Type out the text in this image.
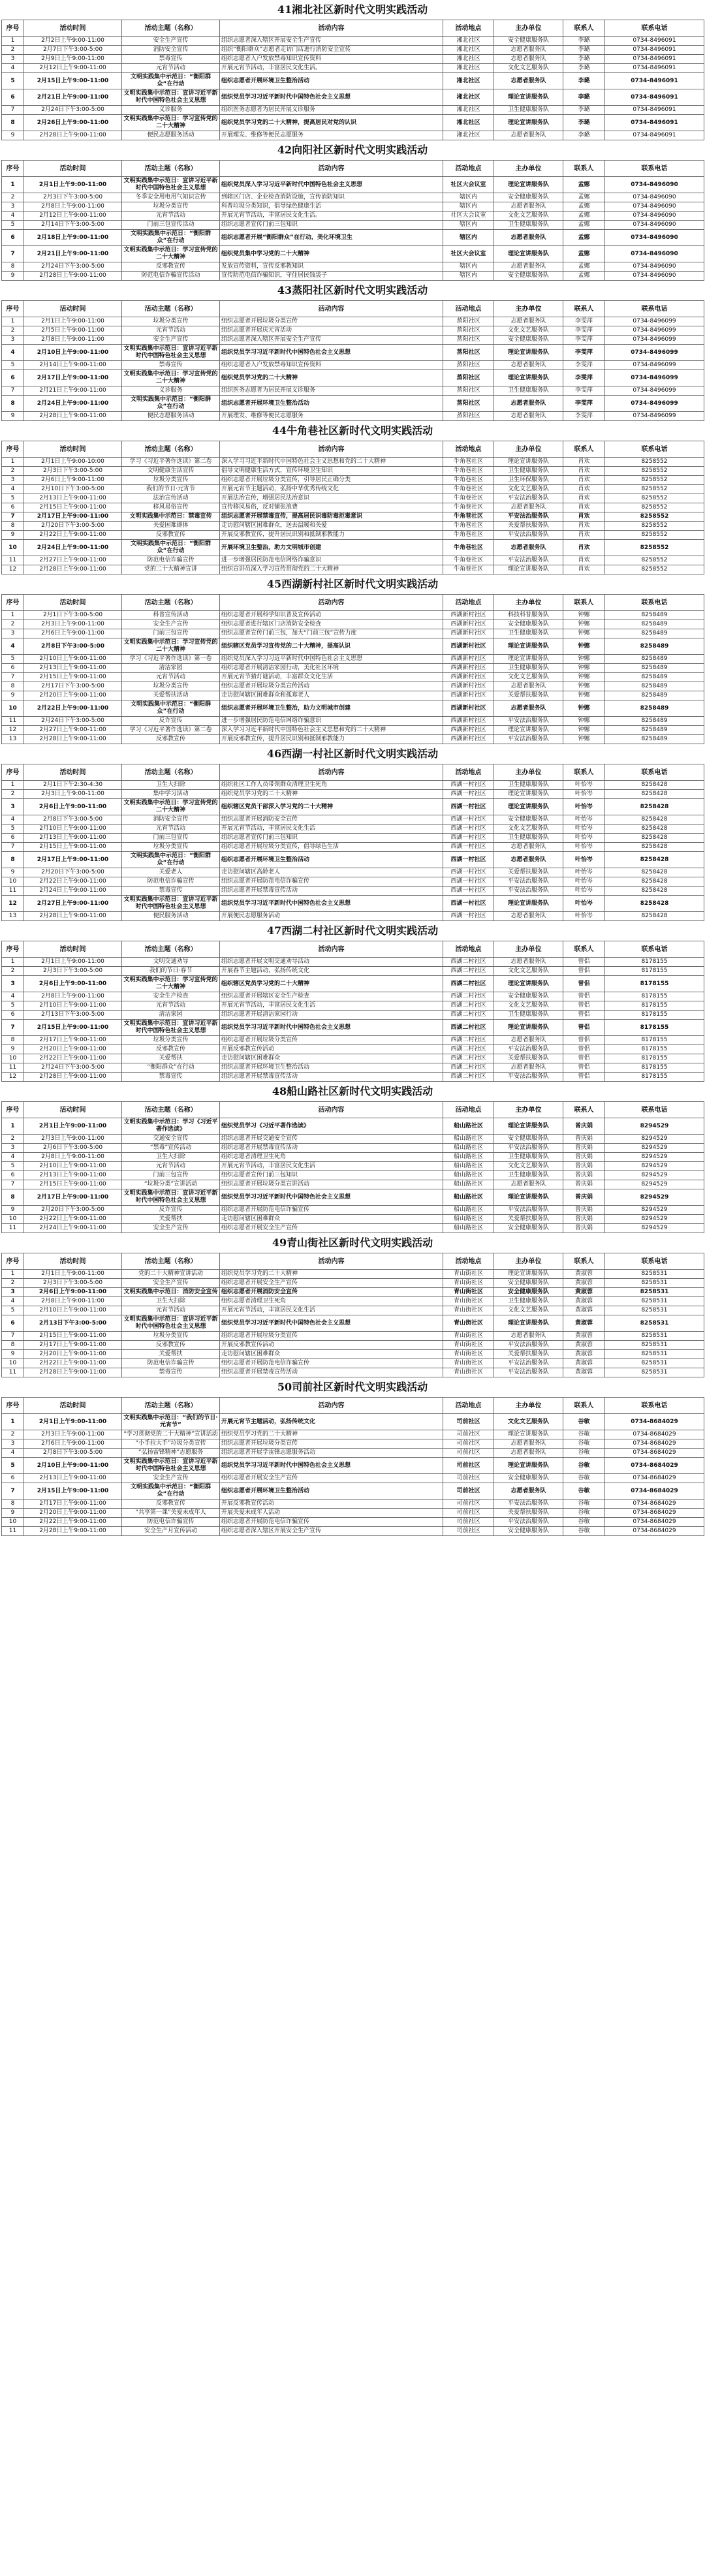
41湘北社区新时代文明实践活动
序号	活动时间	活动主题（名称）	活动内容	活动地点	主办单位	联系人	联系电话
1	2月2日上午9:00-11:00	安全生产宣传	组织志愿者深入辖区开展安全生产宣传	湘北社区	安全健康服务队	李璐	0734-8496091
2	2月7日下午3:00-5:00	消防安全宣传	组织“衡阳群众”志愿者走访门店进行消防安全宣传	湘北社区	志愿者服务队	李璐	0734-8496091
3	2月9日上午9:00-11:00	禁毒宣传	组织志愿者入户发放禁毒知识宣传资料	湘北社区	志愿者服务队	李璐	0734-8496091
4	2月12日上午9:00-11:00	元宵节活动	开展元宵节活动，丰富居民文化生活。	湘北社区	文化文艺服务队	李璐	0734-8496091
5	2月15日上午9:00-11:00	文明实践集中示范日：“衡阳群众”在行动	组织志愿者开展环境卫生整治活动	湘北社区	志愿者服务队	李璐	0734-8496091
6	2月21日上午9:00-11:00	文明实践集中示范日：宣讲习近平新时代中国特色社会主义思想	组织党员学习习近平新时代中国特色社会主义思想	湘北社区	理论宣讲服务队	李璐	0734-8496091
7	2月24日下午3:00-5:00	义诊服务	组织医务志愿者为居民开展义诊服务	湘北社区	卫生健康服务队	李璐	0734-8496091
8	2月26日上午9:00-11:00	文明实践集中示范日：学习宣传党的二十大精神	组织党员学习党的二十大精神，提高居民对党的认识	湘北社区	理论宣讲服务队	李璐	0734-8496091
9	2月28日上午9:00-11:00	便民志愿服务活动	开展理发、维修等便民志愿服务	湘北社区	志愿者服务队	李璐	0734-8496091
42向阳社区新时代文明实践活动
序号	活动时间	活动主题（名称）	活动内容	活动地点	主办单位	联系人	联系电话
1	2月1日上午9:00-11:00	文明实践集中示范日：宣讲习近平新时代中国特色社会主义思想	组织党员深入学习习近平新时代中国特色社会主义思想	社区大会议室	理论宣讲服务队	孟娜	0734-8496090
2	2月3日下午3:00-5:00	冬季安全用电用气知识宣传	到辖区门店、企业检查消防设施，宣传消防知识	辖区内	安全健康服务队	孟娜	0734-8496090
3	2月8日上午9:00-11:00	垃圾分类宣传	科普垃圾分类知识，倡导绿色健康生活	辖区内	志愿者服务队	孟娜	0734-8496090
4	2月12日上午9:00-11:00	元宵节活动	开展元宵节活动，丰富居民文化生活。	社区大会议室	文化文艺服务队	孟娜	0734-8496090
5	2月14日下午3:00-5:00	门前三包宣传活动	组织志愿者宣传门前三包知识	辖区内	卫生健康服务队	孟娜	0734-8496090
6	2月18日上午9:00-11:00	文明实践集中示范日：“衡阳群众”在行动	组织志愿者开展“衡阳群众”在行动，美化环境卫生	辖区内	志愿者服务队	孟娜	0734-8496090
7	2月21日上午9:00-11:00	文明实践集中示范日：学习宣传党的二十大精神	组织党员集中学习党的二十大精神	社区大会议室	理论宣讲服务队	孟娜	0734-8496090
8	2月24日下午3:00-5:00	反邪教宣传	发放宣传资料，宣传反邪教知识	辖区内	志愿者服务队	孟娜	0734-8496090
9	2月28日上午9:00-11:00	防范电信诈骗宣传活动	宣传防范电信诈骗知识，守住居民钱袋子	辖区内	安全健康服务队	孟娜	0734-8496090
43蒸阳社区新时代文明实践活动
序号	活动时间	活动主题（名称）	活动内容	活动地点	主办单位	联系人	联系电话
1	2月1日上午9:00-11:00	垃圾分类宣传	组织志愿者开展垃圾分类宣传	蒸阳社区	志愿者服务队	李雯萍	0734-8496099
2	2月5日上午9:00-11:00	元宵节活动	组织志愿者开展庆元宵活动	蒸阳社区	文化文艺服务队	李雯萍	0734-8496099
3	2月8日上午9:00-11:00	安全生产宣传	组织志愿者深入辖区开展安全生产宣传	蒸阳社区	安全健康服务队	李雯萍	0734-8496099
4	2月10日上午9:00-11:00	文明实践集中示范日：宣讲习近平新时代中国特色社会主义思想	组织党员学习习近平新时代中国特色社会主义思想	蒸阳社区	理论宣讲服务队	李雯萍	0734-8496099
5	2月14日上午9:00-11:00	禁毒宣传	组织志愿者入户发放禁毒知识宣传资料	蒸阳社区	志愿者服务队	李雯萍	0734-8496099
6	2月17日上午9:00-11:00	文明实践集中示范日：学习宣传党的二十大精神	组织党员学习党的二十大精神	蒸阳社区	理论宣讲服务队	李雯萍	0734-8496099
7	2月21日上午9:00-11:00	义诊服务	组织医务志愿者为居民开展义诊服务	蒸阳社区	卫生健康服务队	李雯萍	0734-8496099
8	2月24日上午9:00-11:00	文明实践集中示范日：“衡阳群众”在行动	组织志愿者开展环境卫生整治活动	蒸阳社区	志愿者服务队	李雯萍	0734-8496099
9	2月28日上午9:00-11:00	便民志愿服务活动	开展理发、维修等便民志愿服务	蒸阳社区	志愿者服务队	李雯萍	0734-8496099
44牛角巷社区新时代文明实践活动
序号	活动时间	活动主题（名称）	活动内容	活动地点	主办单位	联系人	联系电话
1	2月1日上午9:00-10:00	学习《习近平著作选读》第二卷	深入学习习近平新时代中国特色社会主义思想和党的二十大精神	牛角巷社区	理论宣讲服务队	肖欢	8258552
2	2月3日下午3:00-5:00	文明健康生活宣传	倡导文明健康生活方式，宣传环境卫生知识	牛角巷社区	卫生健康服务队	肖欢	8258552
3	2月6日上午9:00-11:00	垃圾分类宣传	组织志愿者开展垃圾分类宣传，引导居民正确分类	牛角巷社区	卫生环保服务队	肖欢	8258552
4	2月10日下午3:00-5:00	我们的节日·元宵节	开展元宵节主题活动，弘扬中华优秀传统文化	牛角巷社区	文化文艺服务队	肖欢	8258552
5	2月13日上午9:00-11:00	法治宣传活动	开展法治宣传，增强居民法治意识	牛角巷社区	平安法治服务队	肖欢	8258552
6	2月15日上午9:00-11:00	移风易俗宣传	宣传移风易俗，反对铺张浪费	牛角巷社区	志愿者服务队	肖欢	8258552
7	2月17日上午9:00-11:00	文明实践集中示范日：禁毒宣传	组织志愿者开展禁毒宣传，提高居民识毒防毒拒毒意识	牛角巷社区	平安法治服务队	肖欢	8258552
8	2月20日下午3:00-5:00	关爱困难群体	走访慰问辖区困难群众，送去温暖和关爱	牛角巷社区	关爱帮扶服务队	肖欢	8258552
9	2月22日上午9:00-11:00	反邪教宣传	开展反邪教宣传，提升居民识别和抵制邪教能力	牛角巷社区	平安法治服务队	肖欢	8258552
10	2月24日上午9:00-11:00	文明实践集中示范日：“衡阳群众”在行动	开展环境卫生整治，助力文明城市创建	牛角巷社区	志愿者服务队	肖欢	8258552
11	2月27日上午9:00-11:00	防范电信诈骗宣传	进一步增强居民防范电信网络诈骗意识	牛角巷社区	平安法治服务队	肖欢	8258552
12	2月28日上午9:00-11:00	党的二十大精神宣讲	组织宣讲员深入学习宣传贯彻党的二十大精神	牛角巷社区	理论宣讲服务队	肖欢	8258552
45西湖新村社区新时代文明实践活动
序号	活动时间	活动主题（名称）	活动内容	活动地点	主办单位	联系人	联系电话
1	2月1日下午3:00-5:00	科普宣传活动	组织志愿者开展科学知识普及宣传活动	西湖新村社区	科技科普服务队	钟娜	8258489
2	2月3日上午9:00-11:00	安全生产宣传	组织志愿者进行辖区门店消防安全检查	西湖新村社区	安全健康服务队	钟娜	8258489
3	2月6日上午9:00-11:00	门前三包宣传	组织志愿者宣传门前三包，加大“门前三包”宣传力度	西湖新村社区	卫生健康服务队	钟娜	8258489
4	2月8日下午3:00-5:00	文明实践集中示范日：学习宣传党的二十大精神	组织辖区党员学习宣传党的二十大精神，提高认识	西湖新村社区	理论宣讲服务队	钟娜	8258489
5	2月10日上午9:00-11:00	学习《习近平著作选读》第一卷	组织党员深入学习习近平新时代中国特色社会主义思想	西湖新村社区	理论宣讲服务队	钟娜	8258489
6	2月13日上午9:00-11:00	清洁家园	组织志愿者开展清洁家园行动，美化社区环境	西湖新村社区	卫生健康服务队	钟娜	8258489
7	2月15日上午9:00-11:00	元宵节活动	开展元宵节猜灯谜活动，丰富群众文化生活	西湖新村社区	文化文艺服务队	钟娜	8258489
8	2月17日下午3:00-5:00	垃圾分类宣传	组织志愿者开展垃圾分类宣传活动	西湖新村社区	志愿者服务队	钟娜	8258489
9	2月20日上午9:00-11:00	关爱帮扶活动	走访慰问辖区困难群众和孤寡老人	西湖新村社区	关爱帮扶服务队	钟娜	8258489
10	2月22日上午9:00-11:00	文明实践集中示范日：“衡阳群众”在行动	组织志愿者开展环境卫生整治，助力文明城市创建	西湖新村社区	志愿者服务队	钟娜	8258489
11	2月24日下午3:00-5:00	反诈宣传	进一步增强居民防范电信网络诈骗意识	西湖新村社区	平安法治服务队	钟娜	8258489
12	2月27日上午9:00-11:00	学习《习近平著作选读》第二卷	深入学习习近平新时代中国特色社会主义思想和党的二十大精神	西湖新村社区	理论宣讲服务队	钟娜	8258489
13	2月28日上午9:00-11:00	反邪教宣传	开展反邪教宣传，提升居民识别和抵制邪教能力	西湖新村社区	平安法治服务队	钟娜	8258489
46西湖一村社区新时代文明实践活动
序号	活动时间	活动主题（名称）	活动内容	活动地点	主办单位	联系人	联系电话
1	2月1日下午2:30-4:30	卫生大扫除	组织社区工作人员带领群众清理卫生死角	西湖一村社区	卫生健康服务队	叶怡岑	8258428
2	2月3日上午9:00-11:00	集中学习活动	组织党员学习党的二十大精神	西湖一村社区	理论宣讲服务队	叶怡岑	8258428
3	2月6日上午9:00-11:00	文明实践集中示范日：学习宣传党的二十大精神	组织辖区党员干部深入学习党的二十大精神	西湖一村社区	理论宣讲服务队	叶怡岑	8258428
4	2月8日下午3:00-5:00	消防安全宣传	组织志愿者开展消防安全宣传	西湖一村社区	安全健康服务队	叶怡岑	8258428
5	2月10日上午9:00-11:00	元宵节活动	开展元宵节活动，丰富居民文化生活	西湖一村社区	文化文艺服务队	叶怡岑	8258428
6	2月13日上午9:00-11:00	门前三包宣传	组织志愿者宣传门前三包知识	西湖一村社区	卫生健康服务队	叶怡岑	8258428
7	2月15日上午9:00-11:00	垃圾分类宣传	组织志愿者开展垃圾分类宣传，倡导绿色生活	西湖一村社区	志愿者服务队	叶怡岑	8258428
8	2月17日上午9:00-11:00	文明实践集中示范日：“衡阳群众”在行动	组织志愿者开展环境卫生整治活动	西湖一村社区	志愿者服务队	叶怡岑	8258428
9	2月20日下午3:00-5:00	关爱老人	走访慰问辖区高龄老人	西湖一村社区	关爱帮扶服务队	叶怡岑	8258428
10	2月22日上午9:00-11:00	防范电信诈骗宣传	组织志愿者开展防范电信诈骗宣传	西湖一村社区	平安法治服务队	叶怡岑	8258428
11	2月24日上午9:00-11:00	禁毒宣传	组织志愿者开展禁毒宣传活动	西湖一村社区	平安法治服务队	叶怡岑	8258428
12	2月27日上午9:00-11:00	文明实践集中示范日：宣讲习近平新时代中国特色社会主义思想	组织党员学习习近平新时代中国特色社会主义思想	西湖一村社区	理论宣讲服务队	叶怡岑	8258428
13	2月28日上午9:00-11:00	便民服务活动	开展便民志愿服务活动	西湖一村社区	志愿者服务队	叶怡岑	8258428
47西湖二村社区新时代文明实践活动
序号	活动时间	活动主题（名称）	活动内容	活动地点	主办单位	联系人	联系电话
1	2月1日上午9:00-11:00	文明交通劝导	组织志愿者开展文明交通劝导活动	西湖二村社区	志愿者服务队	曾侣	8178155
2	2月3日下午3:00-5:00	我们的节日·春节	开展春节主题活动，弘扬传统文化	西湖二村社区	文化文艺服务队	曾侣	8178155
3	2月6日上午9:00-11:00	文明实践集中示范日：学习宣传党的二十大精神	组织辖区党员学习党的二十大精神	西湖二村社区	理论宣讲服务队	曾侣	8178155
4	2月8日上午9:00-11:00	安全生产检查	组织志愿者开展辖区安全生产检查	西湖二村社区	安全健康服务队	曾侣	8178155
5	2月10日上午9:00-11:00	元宵节活动	开展元宵节活动，丰富居民文化生活	西湖二村社区	文化文艺服务队	曾侣	8178155
6	2月13日下午3:00-5:00	清洁家园	组织志愿者开展清洁家园行动	西湖二村社区	卫生健康服务队	曾侣	8178155
7	2月15日上午9:00-11:00	文明实践集中示范日：宣讲习近平新时代中国特色社会主义思想	组织党员学习习近平新时代中国特色社会主义思想	西湖二村社区	理论宣讲服务队	曾侣	8178155
8	2月17日上午9:00-11:00	垃圾分类宣传	组织志愿者开展垃圾分类宣传	西湖二村社区	志愿者服务队	曾侣	8178155
9	2月20日上午9:00-11:00	反邪教宣传	开展反邪教宣传活动	西湖二村社区	平安法治服务队	曾侣	8178155
10	2月22日上午9:00-11:00	关爱帮扶	走访慰问辖区困难群众	西湖二村社区	关爱帮扶服务队	曾侣	8178155
11	2月24日下午3:00-5:00	“衡阳群众”在行动	组织志愿者开展环境卫生整治活动	西湖二村社区	志愿者服务队	曾侣	8178155
12	2月28日上午9:00-11:00	禁毒宣传	组织志愿者开展禁毒宣传活动	西湖二村社区	平安法治服务队	曾侣	8178155
48船山路社区新时代文明实践活动
序号	活动时间	活动主题（名称）	活动内容	活动地点	主办单位	联系人	联系电话
1	2月1日上午9:00-11:00	文明实践集中示范日：学习《习近平著作选读》	组织党员学习《习近平著作选读》	船山路社区	理论宣讲服务队	曾庆娟	8294529
2	2月3日上午9:00-11:00	交通安全宣传	组织志愿者开展交通安全宣传	船山路社区	安全健康服务队	曾庆娟	8294529
3	2月6日下午3:00-5:00	“禁毒”宣传活动	组织志愿者开展禁毒宣传活动	船山路社区	平安法治服务队	曾庆娟	8294529
4	2月8日上午9:00-11:00	卫生大扫除	组织志愿者清理卫生死角	船山路社区	卫生健康服务队	曾庆娟	8294529
5	2月10日上午9:00-11:00	元宵节活动	开展元宵节活动，丰富居民文化生活	船山路社区	文化文艺服务队	曾庆娟	8294529
6	2月13日上午9:00-11:00	门前三包宣传	组织志愿者宣传门前三包知识	船山路社区	卫生健康服务队	曾庆娟	8294529
7	2月15日上午9:00-11:00	“垃圾分类”宣讲活动	组织志愿者开展垃圾分类宣讲活动	船山路社区	志愿者服务队	曾庆娟	8294529
8	2月17日上午9:00-11:00	文明实践集中示范日：宣讲习近平新时代中国特色社会主义思想	组织党员学习习近平新时代中国特色社会主义思想	船山路社区	理论宣讲服务队	曾庆娟	8294529
9	2月20日下午3:00-5:00	反诈宣传	组织志愿者开展防范电信诈骗宣传	船山路社区	平安法治服务队	曾庆娟	8294529
10	2月22日上午9:00-11:00	关爱帮扶	走访慰问辖区困难群众	船山路社区	关爱帮扶服务队	曾庆娟	8294529
11	2月24日上午9:00-11:00	安全生产宣传	组织志愿者开展安全生产宣传	船山路社区	安全健康服务队	曾庆娟	8294529
49青山街社区新时代文明实践活动
序号	活动时间	活动主题（名称）	活动内容	活动地点	主办单位	联系人	联系电话
1	2月1日上午9:00-11:00	党的二十大精神宣讲活动	组织党员学习党的二十大精神	青山街社区	理论宣讲服务队	黄淑蓉	8258531
2	2月3日下午3:00-5:00	安全生产宣传	组织志愿者开展安全生产宣传	青山街社区	安全健康服务队	黄淑蓉	8258531
3	2月6日上午9:00-11:00	文明实践集中示范日：消防安全宣传	组织志愿者开展消防安全宣传	青山街社区	安全健康服务队	黄淑蓉	8258531
4	2月8日上午9:00-11:00	卫生大扫除	组织志愿者清理卫生死角	青山街社区	卫生健康服务队	黄淑蓉	8258531
5	2月10日上午9:00-11:00	元宵节活动	开展元宵节活动，丰富居民文化生活	青山街社区	文化文艺服务队	黄淑蓉	8258531
6	2月13日下午3:00-5:00	文明实践集中示范日：宣讲习近平新时代中国特色社会主义思想	组织党员学习习近平新时代中国特色社会主义思想	青山街社区	理论宣讲服务队	黄淑蓉	8258531
7	2月15日上午9:00-11:00	垃圾分类宣传	组织志愿者开展垃圾分类宣传	青山街社区	志愿者服务队	黄淑蓉	8258531
8	2月17日上午9:00-11:00	反邪教宣传	开展反邪教宣传活动	青山街社区	平安法治服务队	黄淑蓉	8258531
9	2月20日上午9:00-11:00	关爱帮扶	走访慰问辖区困难群众	青山街社区	关爱帮扶服务队	黄淑蓉	8258531
10	2月22日上午9:00-11:00	防范电信诈骗宣传	组织志愿者开展防范电信诈骗宣传	青山街社区	平安法治服务队	黄淑蓉	8258531
11	2月28日上午9:00-11:00	禁毒宣传	组织志愿者开展禁毒宣传活动	青山街社区	平安法治服务队	黄淑蓉	8258531
50司前社区新时代文明实践活动
序号	活动时间	活动主题（名称）	活动内容	活动地点	主办单位	联系人	联系电话
1	2月1日上午9:00-11:00	文明实践集中示范日：“我们的节日·元宵节”	开展元宵节主题活动，弘扬传统文化	司前社区	文化文艺服务队	谷敏	0734-8684029
2	2月3日上午9:00-11:00	“学习贯彻党的二十大精神”宣讲活动	组织党员学习党的二十大精神	司前社区	理论宣讲服务队	谷敏	0734-8684029
3	2月6日上午9:00-11:00	“小手拉大手”垃圾分类宣传	组织志愿者开展垃圾分类宣传	司前社区	志愿者服务队	谷敏	0734-8684029
4	2月8日下午3:00-5:00	“弘扬雷锋精神”志愿服务	组织志愿者开展学雷锋志愿服务活动	司前社区	志愿者服务队	谷敏	0734-8684029
5	2月10日上午9:00-11:00	文明实践集中示范日：宣讲习近平新时代中国特色社会主义思想	组织党员学习习近平新时代中国特色社会主义思想	司前社区	理论宣讲服务队	谷敏	0734-8684029
6	2月13日上午9:00-11:00	安全生产宣传	组织志愿者开展安全生产宣传	司前社区	安全健康服务队	谷敏	0734-8684029
7	2月15日上午9:00-11:00	文明实践集中示范日：“衡阳群众”在行动	组织志愿者开展环境卫生整治活动	司前社区	志愿者服务队	谷敏	0734-8684029
8	2月17日上午9:00-11:00	反邪教宣传	开展反邪教宣传活动	司前社区	平安法治服务队	谷敏	0734-8684029
9	2月20日上午9:00-11:00	“共享第一课”关爱未成年人	开展关爱未成年人活动	司前社区	关爱帮扶服务队	谷敏	0734-8684029
10	2月22日上午9:00-11:00	防范电信诈骗宣传	组织志愿者开展防范电信诈骗宣传	司前社区	平安法治服务队	谷敏	0734-8684029
11	2月28日上午9:00-11:00	安全生产月宣传活动	组织志愿者深入辖区开展安全生产宣传	司前社区	安全健康服务队	谷敏	0734-8684029
